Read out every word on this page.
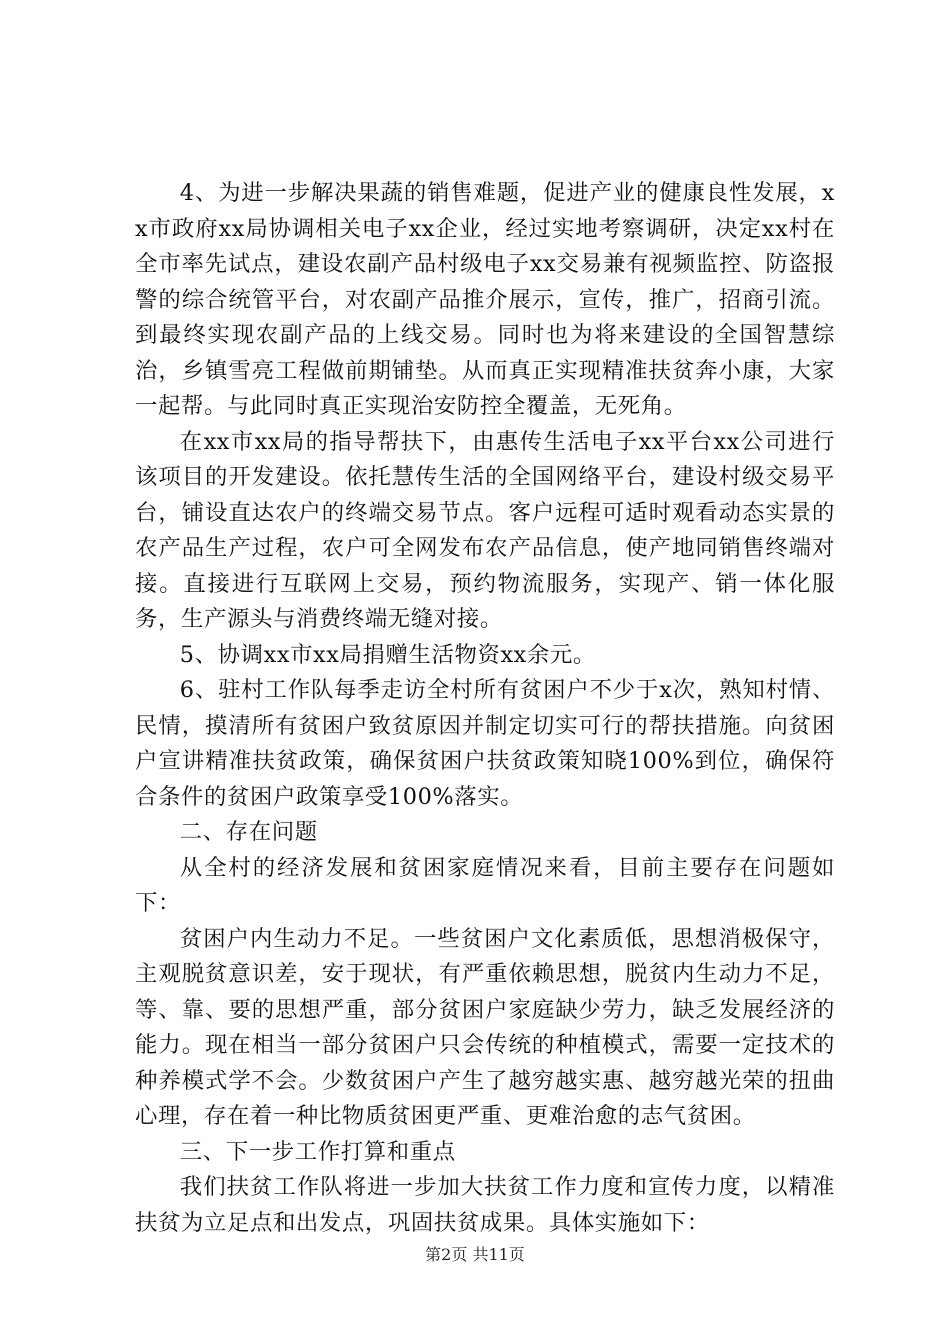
4、为进一步解决果蔬的销售难题，促进产业的健康良性发展，xx市政府xx局协调相关电子xx企业，经过实地考察调研，决定xx村在全市率先试点，建设农副产品村级电子xx交易兼有视频监控、防盗报警的综合统管平台，对农副产品推介展示，宣传，推广，招商引流。到最终实现农副产品的上线交易。同时也为将来建设的全国智慧综治，乡镇雪亮工程做前期铺垫。从而真正实现精准扶贫奔小康，大家一起帮。与此同时真正实现治安防控全覆盖，无死角。

在xx市xx局的指导帮扶下，由惠传生活电子xx平台xx公司进行该项目的开发建设。依托慧传生活的全国网络平台，建设村级交易平台，铺设直达农户的终端交易节点。客户远程可适时观看动态实景的农产品生产过程，农户可全网发布农产品信息，使产地同销售终端对接。直接进行互联网上交易，预约物流服务，实现产、销一体化服务，生产源头与消费终端无缝对接。

5、协调xx市xx局捐赠生活物资xx余元。

6、驻村工作队每季走访全村所有贫困户不少于x次，熟知村情、民情，摸清所有贫困户致贫原因并制定切实可行的帮扶措施。向贫困户宣讲精准扶贫政策，确保贫困户扶贫政策知晓100%到位，确保符合条件的贫困户政策享受100%落实。

二、存在问题

从全村的经济发展和贫困家庭情况来看，目前主要存在问题如下：

贫困户内生动力不足。一些贫困户文化素质低，思想消极保守，主观脱贫意识差，安于现状，有严重依赖思想，脱贫内生动力不足，等、靠、要的思想严重，部分贫困户家庭缺少劳力，缺乏发展经济的能力。现在相当一部分贫困户只会传统的种植模式，需要一定技术的种养模式学不会。少数贫困户产生了越穷越实惠、越穷越光荣的扭曲心理，存在着一种比物质贫困更严重、更难治愈的志气贫困。

三、下一步工作打算和重点

我们扶贫工作队将进一步加大扶贫工作力度和宣传力度，以精准扶贫为立足点和出发点，巩固扶贫成果。具体实施如下：

第2页 共11页
